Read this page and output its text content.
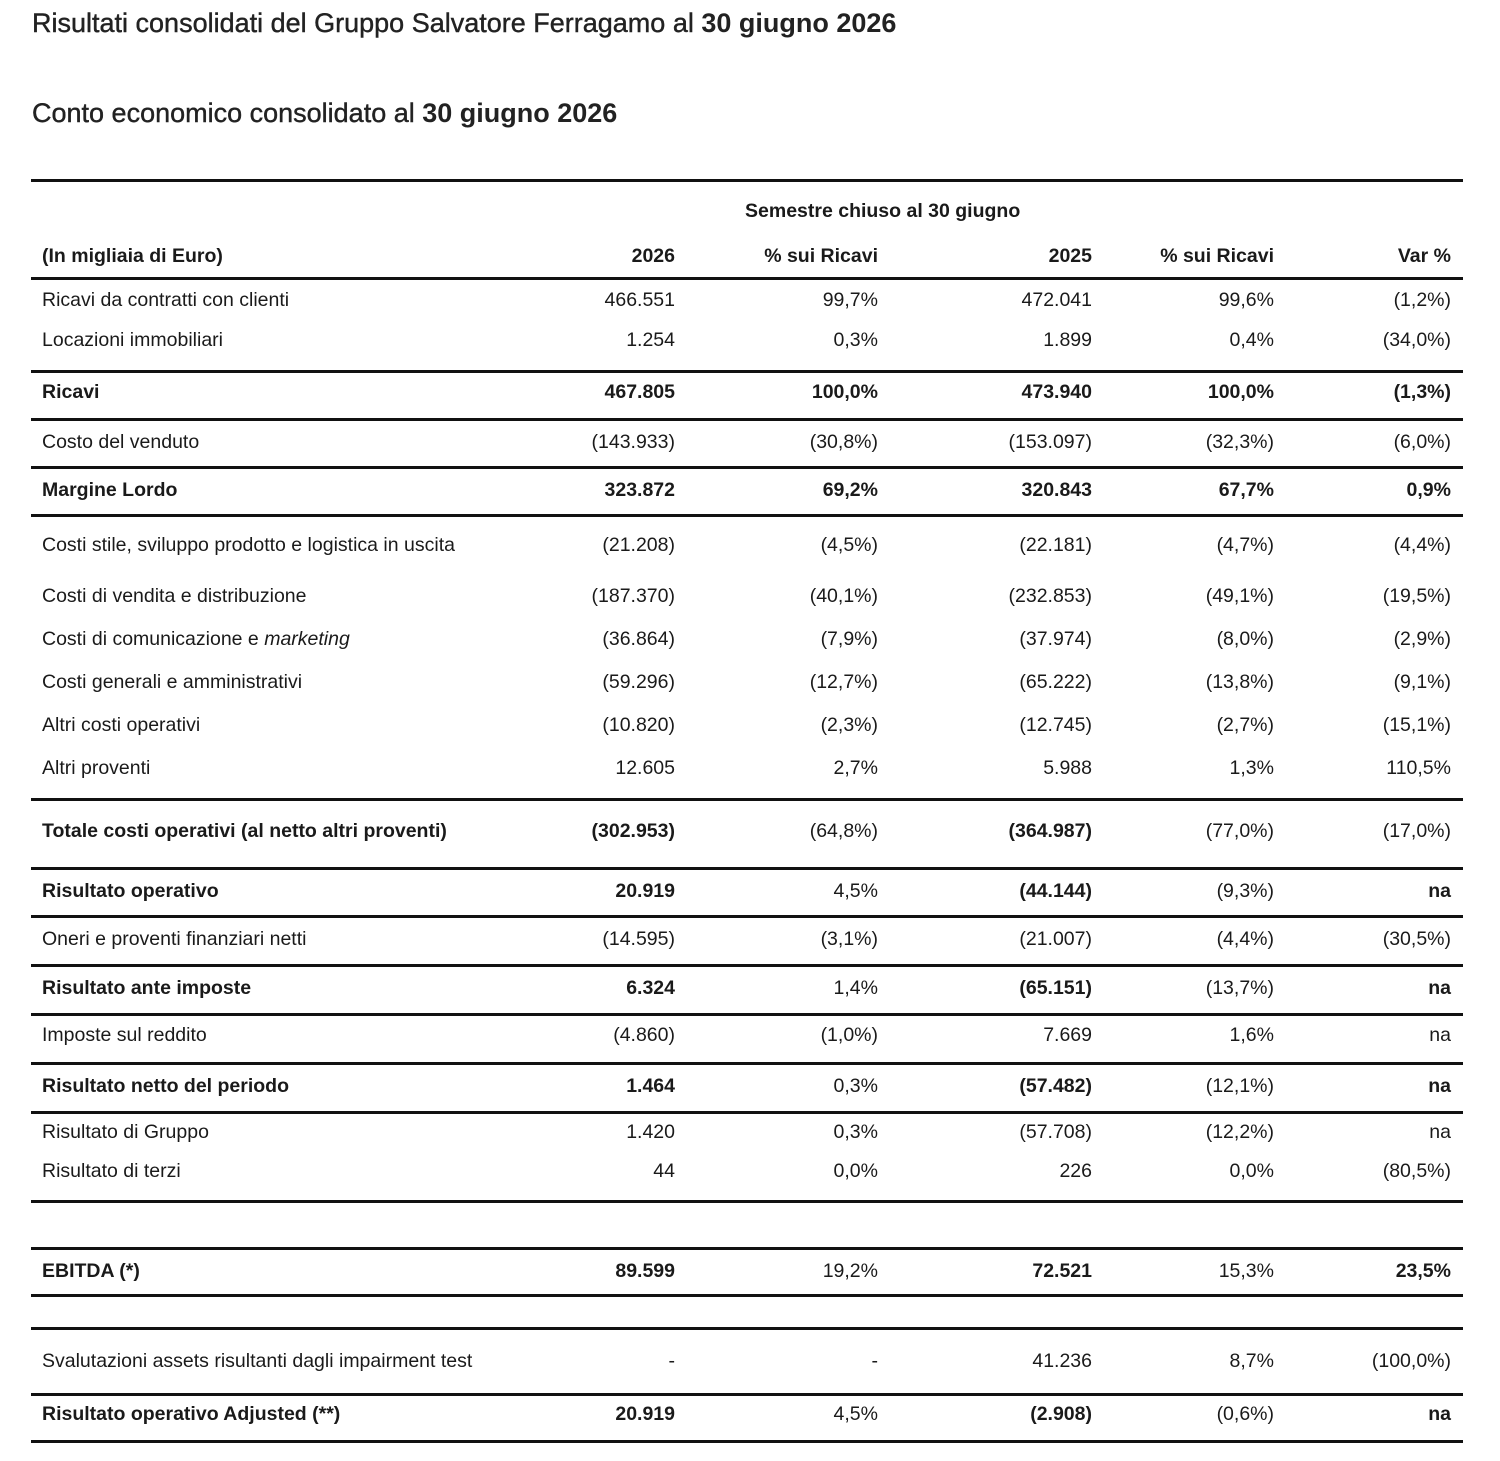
Risultati consolidati del Gruppo Salvatore Ferragamo al 30 giugno 2026
Conto economico consolidato al 30 giugno 2026
Semestre chiuso al 30 giugno
(In migliaia di Euro)	2026	% sui Ricavi	2025	% sui Ricavi	Var %
Ricavi da contratti con clienti	466.551	99,7%	472.041	99,6%	(1,2%)
Locazioni immobiliari	1.254	0,3%	1.899	0,4%	(34,0%)
Ricavi	467.805	100,0%	473.940	100,0%	(1,3%)
Costo del venduto	(143.933)	(30,8%)	(153.097)	(32,3%)	(6,0%)
Margine Lordo	323.872	69,2%	320.843	67,7%	0,9%
Costi stile, sviluppo prodotto e logistica in uscita	(21.208)	(4,5%)	(22.181)	(4,7%)	(4,4%)
Costi di vendita e distribuzione	(187.370)	(40,1%)	(232.853)	(49,1%)	(19,5%)
Costi di comunicazione e marketing	(36.864)	(7,9%)	(37.974)	(8,0%)	(2,9%)
Costi generali e amministrativi	(59.296)	(12,7%)	(65.222)	(13,8%)	(9,1%)
Altri costi operativi	(10.820)	(2,3%)	(12.745)	(2,7%)	(15,1%)
Altri proventi	12.605	2,7%	5.988	1,3%	110,5%
Totale costi operativi (al netto altri proventi)	(302.953)	(64,8%)	(364.987)	(77,0%)	(17,0%)
Risultato operativo	20.919	4,5%	(44.144)	(9,3%)	na
Oneri e proventi finanziari netti	(14.595)	(3,1%)	(21.007)	(4,4%)	(30,5%)
Risultato ante imposte	6.324	1,4%	(65.151)	(13,7%)	na
Imposte sul reddito	(4.860)	(1,0%)	7.669	1,6%	na
Risultato netto del periodo	1.464	0,3%	(57.482)	(12,1%)	na
Risultato di Gruppo	1.420	0,3%	(57.708)	(12,2%)	na
Risultato di terzi	44	0,0%	226	0,0%	(80,5%)
EBITDA (*)	89.599	19,2%	72.521	15,3%	23,5%
Svalutazioni assets risultanti dagli impairment test	-	-	41.236	8,7%	(100,0%)
Risultato operativo Adjusted (**)	20.919	4,5%	(2.908)	(0,6%)	na
